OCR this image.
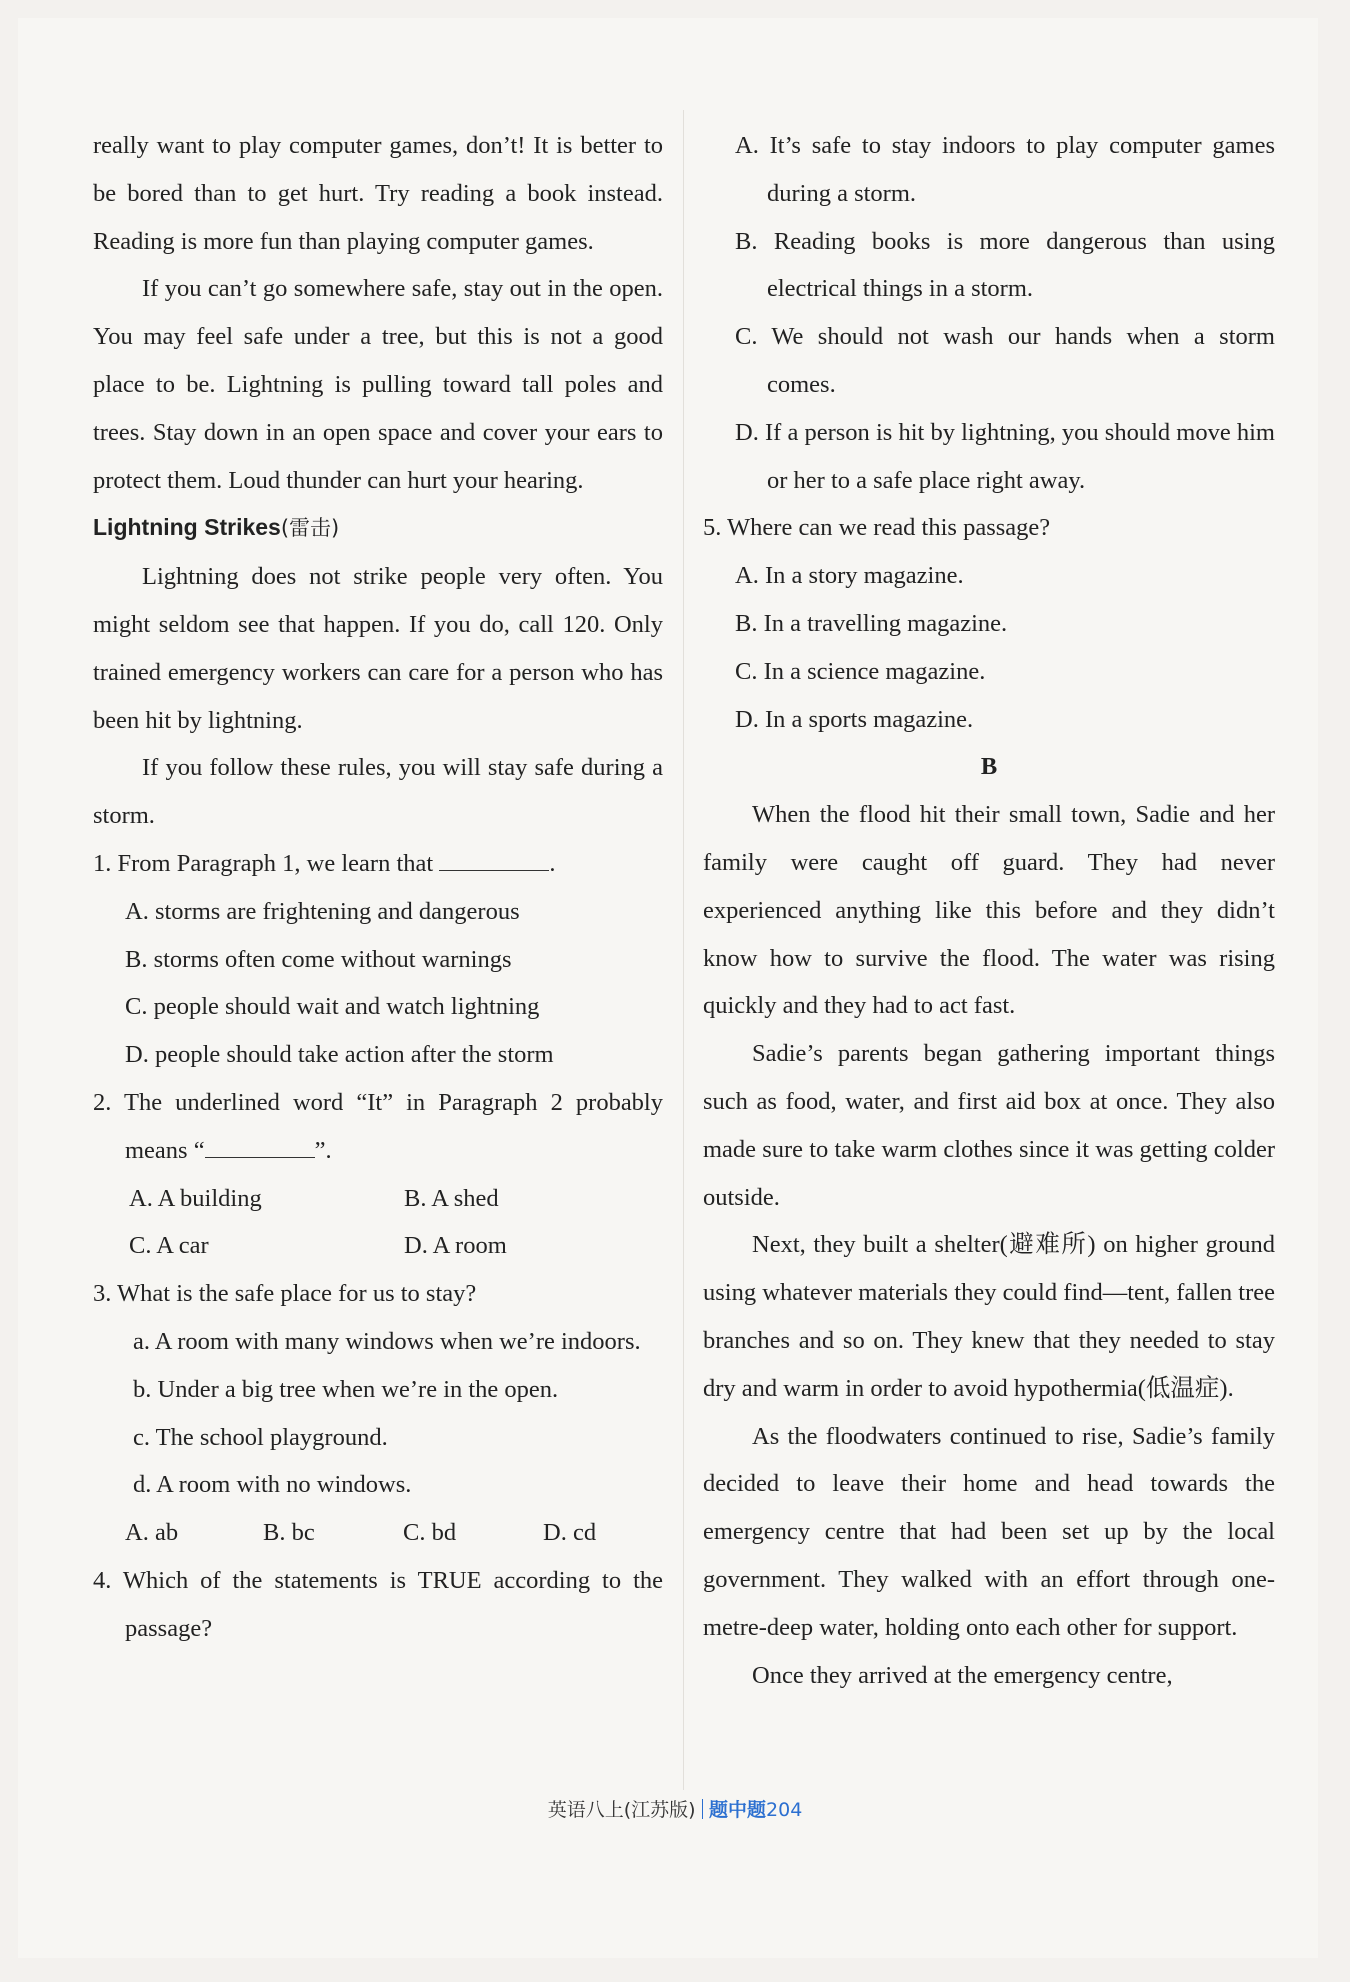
really want to play computer games, don’t! It is better to be bored than to get hurt. Try reading a book instead. Reading is more fun than playing computer games.

If you can’t go somewhere safe, stay out in the open. You may feel safe under a tree, but this is not a good place to be. Lightning is pulling toward tall poles and trees. Stay down in an open space and cover your ears to protect them. Loud thunder can hurt your hearing.

Lightning Strikes(雷击)

Lightning does not strike people very often. You might seldom see that happen. If you do, call 120. Only trained emergency workers can care for a person who has been hit by lightning.

If you follow these rules, you will stay safe during a storm.

1. From Paragraph 1, we learn that	.

A. storms are frightening and dangerous

B. storms often come without warnings

C. people should wait and watch lightning

D. people should take action after the storm

2. The underlined word “It” in Paragraph 2 probably means “	”.

A. A building	B. A shed
C. A car	D. A room

3. What is the safe place for us to stay?

a. A room with many windows when we’re indoors.

b. Under a big tree when we’re in the open.

c. The school playground.

d. A room with no windows.

A. ab	B. bc	C. bd	D. cd

4. Which of the statements is TRUE according to the passage?

A. It’s safe to stay indoors to play computer games during a storm.

B. Reading books is more dangerous than using electrical things in a storm.

C. We should not wash our hands when a storm comes.

D. If a person is hit by lightning, you should move him or her to a safe place right away.

5. Where can we read this passage?

A. In a story magazine.

B. In a travelling magazine.

C. In a science magazine.

D. In a sports magazine.

B

When the flood hit their small town, Sadie and her family were caught off guard. They had never experienced anything like this before and they didn’t know how to survive the flood. The water was rising quickly and they had to act fast.

Sadie’s parents began gathering important things such as food, water, and first aid box at once. They also made sure to take warm clothes since it was getting colder outside.

Next, they built a shelter(避难所) on higher ground using whatever materials they could find—tent, fallen tree branches and so on. They knew that they needed to stay dry and warm in order to avoid hypothermia(低温症).

As the floodwaters continued to rise, Sadie’s family decided to leave their home and head towards the emergency centre that had been set up by the local government. They walked with an effort through one-metre-deep water, holding onto each other for support.

Once they arrived at the emergency centre,

英语八上(江苏版) 题中题204
